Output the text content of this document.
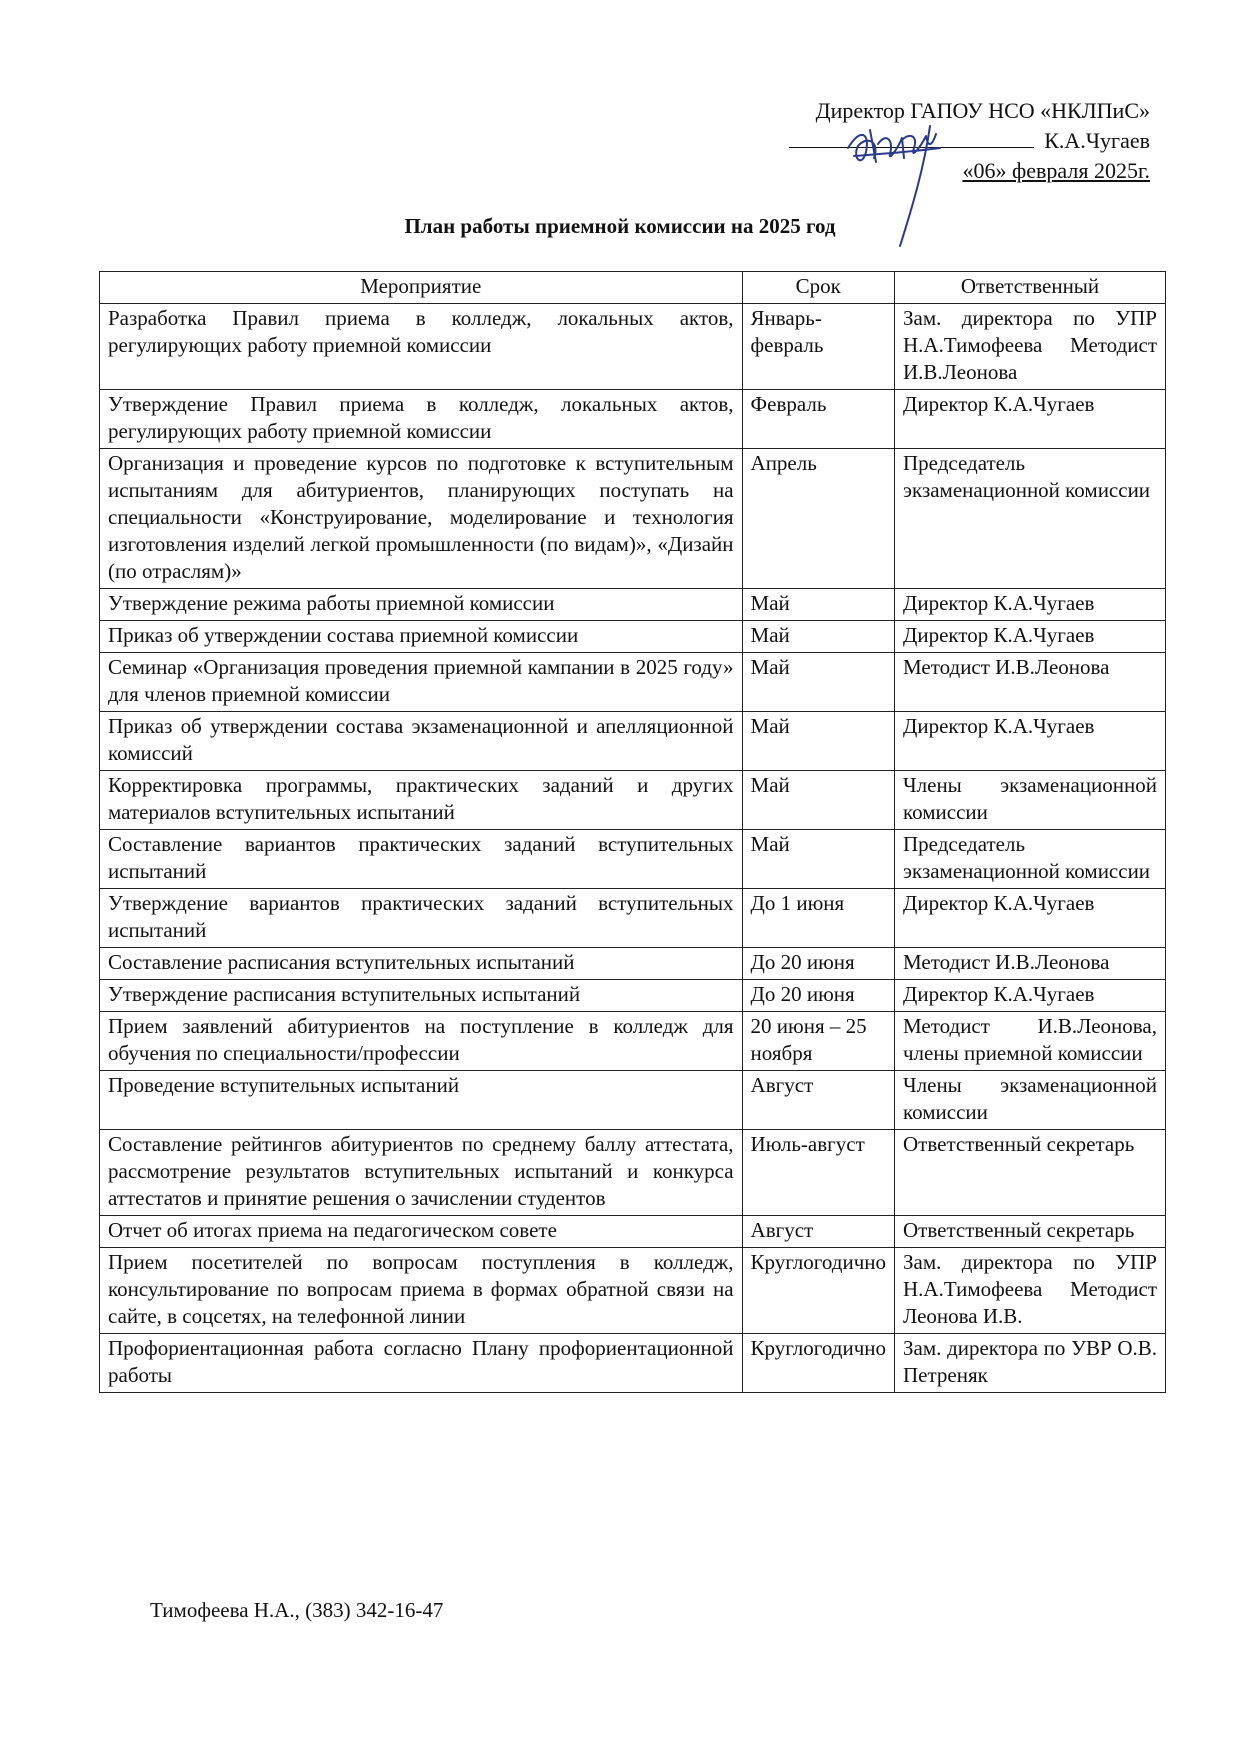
Директор ГАПОУ НСО «НКЛПиС»
К.А.Чугаев
«06» февраля 2025г.
План работы приемной комиссии на 2025 год
Мероприятие	Срок	Ответственный
Разработка Правил приема в колледж, локальных актов, регулирующих работу приемной комиссии	Январь-февраль	Зам. директора по УПР Н.А.Тимофеева Методист И.В.Леонова
Утверждение Правил приема в колледж, локальных актов, регулирующих работу приемной комиссии	Февраль	Директор К.А.Чугаев
Организация и проведение курсов по подготовке к вступительным испытаниям для абитуриентов, планирующих поступать на специальности «Конструирование, моделирование и технология изготовления изделий легкой промышленности (по видам)», «Дизайн (по отраслям)»	Апрель	Председатель экзаменационной комиссии
Утверждение режима работы приемной комиссии	Май	Директор К.А.Чугаев
Приказ об утверждении состава приемной комиссии	Май	Директор К.А.Чугаев
Семинар «Организация проведения приемной кампании в 2025 году» для членов приемной комиссии	Май	Методист И.В.Леонова
Приказ об утверждении состава экзаменационной и апелляционной комиссий	Май	Директор К.А.Чугаев
Корректировка программы, практических заданий и других материалов вступительных испытаний	Май	Члены экзаменационной комиссии
Составление вариантов практических заданий вступительных испытаний	Май	Председатель экзаменационной комиссии
Утверждение вариантов практических заданий вступительных испытаний	До 1 июня	Директор К.А.Чугаев
Составление расписания вступительных испытаний	До 20 июня	Методист И.В.Леонова
Утверждение расписания вступительных испытаний	До 20 июня	Директор К.А.Чугаев
Прием заявлений абитуриентов на поступление в колледж для обучения по специальности/профессии	20 июня – 25 ноября	Методист И.В.Леонова, члены приемной комиссии
Проведение вступительных испытаний	Август	Члены экзаменационной комиссии
Составление рейтингов абитуриентов по среднему баллу аттестата, рассмотрение результатов вступительных испытаний и конкурса аттестатов и принятие решения о зачислении студентов	Июль-август	Ответственный секретарь
Отчет об итогах приема на педагогическом совете	Август	Ответственный секретарь
Прием посетителей по вопросам поступления в колледж, консультирование по вопросам приема в формах обратной связи на сайте, в соцсетях, на телефонной линии	Круглогодично	Зам. директора по УПР Н.А.Тимофеева Методист Леонова И.В.
Профориентационная работа согласно Плану профориентационной работы	Круглогодично	Зам. директора по УВР О.В. Петреняк
Тимофеева Н.А., (383) 342-16-47
